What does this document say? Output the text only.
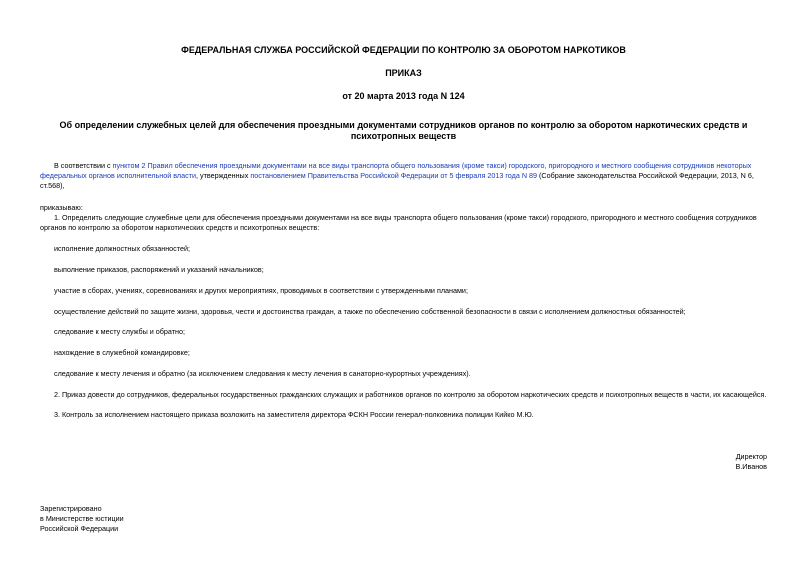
ФЕДЕРАЛЬНАЯ СЛУЖБА РОССИЙСКОЙ ФЕДЕРАЦИИ ПО КОНТРОЛЮ ЗА ОБОРОТОМ НАРКОТИКОВ
ПРИКАЗ
от 20 марта 2013 года N 124
Об определении служебных целей для обеспечения проездными документами сотрудников органов по контролю за оборотом наркотических средств и психотропных веществ
В соответствии с пунктом 2 Правил обеспечения проездными документами на все виды транспорта общего пользования (кроме такси) городского, пригородного и местного сообщения сотрудников некоторых федеральных органов исполнительной власти, утвержденных постановлением Правительства Российской Федерации от 5 февраля 2013 года N 89 (Собрание законодательства Российской Федерации, 2013, N 6, ст.568),
приказываю:
1. Определить следующие служебные цели для обеспечения проездными документами на все виды транспорта общего пользования (кроме такси) городского, пригородного и местного сообщения сотрудников органов по контролю за оборотом наркотических средств и психотропных веществ:
исполнение должностных обязанностей;
выполнение приказов, распоряжений и указаний начальников;
участие в сборах, учениях, соревнованиях и других мероприятиях, проводимых в соответствии с утвержденными планами;
осуществление действий по защите жизни, здоровья, чести и достоинства граждан, а также по обеспечению собственной безопасности в связи с исполнением должностных обязанностей;
следование к месту службы и обратно;
нахождение в служебной командировке;
следование к месту лечения и обратно (за исключением следования к месту лечения в санаторно-курортных учреждениях).
2. Приказ довести до сотрудников, федеральных государственных гражданских служащих и работников органов по контролю за оборотом наркотических средств и психотропных веществ в части, их касающейся.
3. Контроль за исполнением настоящего приказа возложить на заместителя директора ФСКН России генерал-полковника полиции Кийко М.Ю.
Директор
В.Иванов
Зарегистрировано
в Министерстве юстиции
Российской Федерации
